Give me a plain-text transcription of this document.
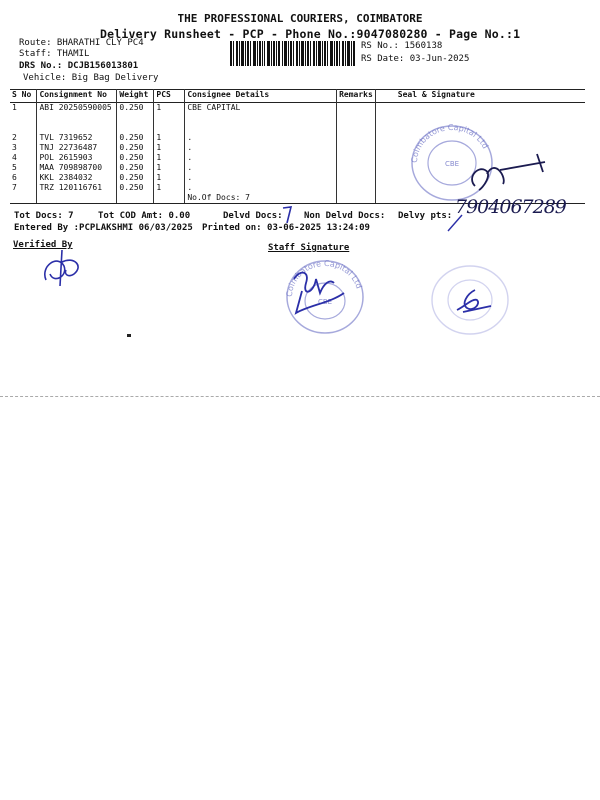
THE PROFESSIONAL COURIERS, COIMBATORE
Delivery Runsheet - PCP - Phone No.:9047080280 - Page No.:1
Route: BHARATHI CLY PC4
Staff: THAMIL
DRS No.: DCJB156013801
Vehicle: Big Bag Delivery
RS No.: 1560138
RS Date: 03-Jun-2025
S No	Consignment No	Weight	PCS	Consignee Details	Remarks	Seal & Signature
1	ABI 20250590005	0.250	1	CBE CAPITAL		

2	TVL 7319652	0.250	1	.		
3	TNJ 22736487	0.250	1	.		
4	POL 2615903	0.250	1	.		
5	MAA 709898700	0.250	1	.		
6	KKL 2384032	0.250	1	.		
7	TRZ 120116761	0.250	1	.		
				No.Of Docs: 7		
Coimbatore Capital Ltd
CBE
7904067289
Tot Docs: 7	Tot COD Amt: 0.00	Delvd Docs: Non Delvd Docs: Delvy pts:
Entered By :PCPLAKSHMI 06/03/2025 Printed on: 03-06-2025 13:24:09
Verified By	Staff Signature
Coimbatore Capital Ltd
CBE
